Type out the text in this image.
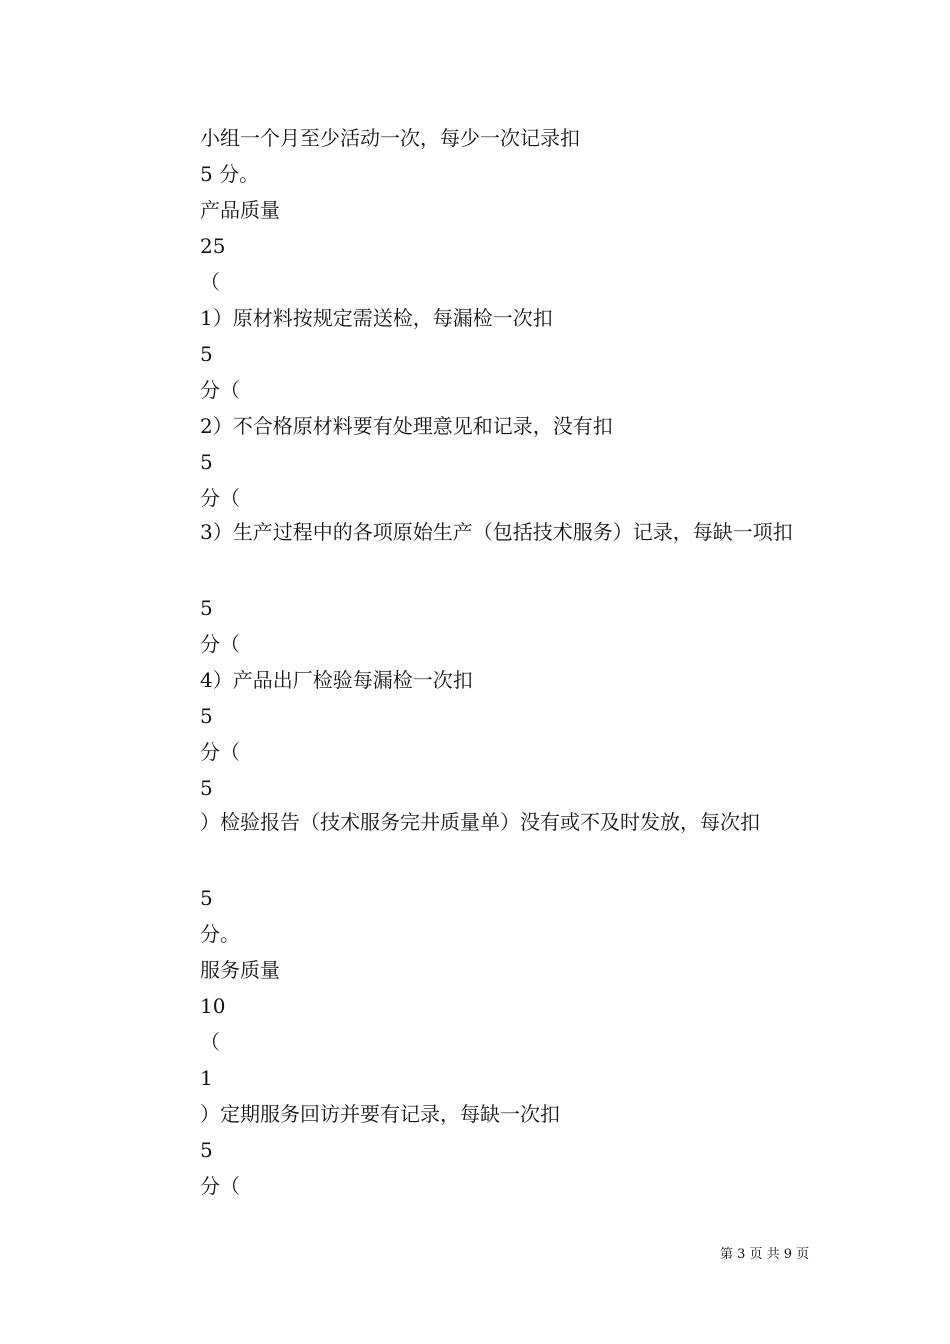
小组一个月至少活动一次，每少一次记录扣
5 分。
产品质量
25
（
1）原材料按规定需送检，每漏检一次扣
5
分（
2）不合格原材料要有处理意见和记录，没有扣
5
分（
3）生产过程中的各项原始生产（包括技术服务）记录，每缺一项扣
5
分（
4）产品出厂检验每漏检一次扣
5
分（
5
）检验报告（技术服务完井质量单）没有或不及时发放，每次扣
5
分。
服务质量
10
（
1
）定期服务回访并要有记录，每缺一次扣
5
分（
第 3 页 共 9 页
